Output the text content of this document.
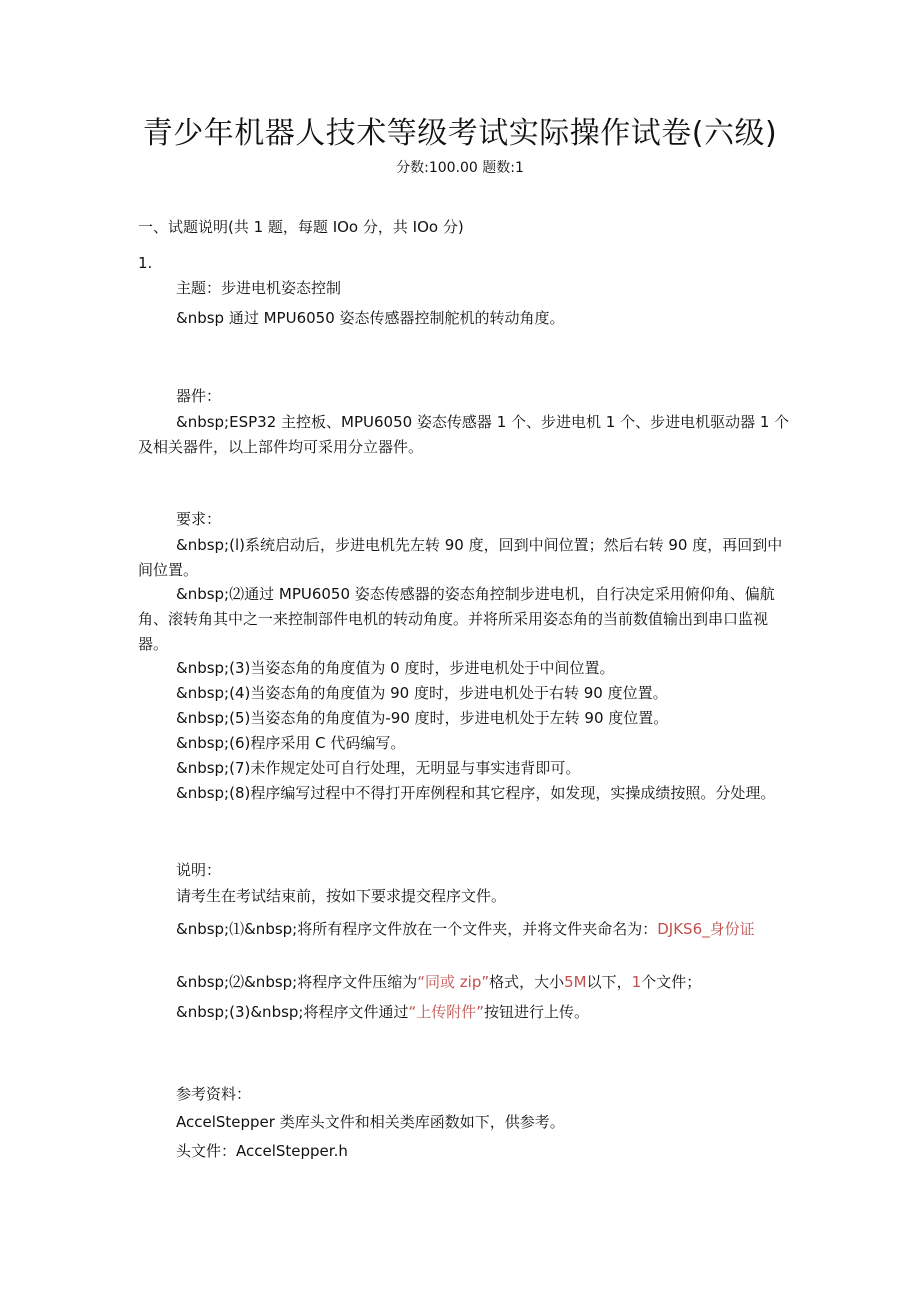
青少年机器人技术等级考试实际操作试卷(六级)

分数:100.00 题数:1

一、试题说明(共 1 题，每题 IOo 分，共 IOo 分)
1.
主题：步进电机姿态控制
&nbsp 通过 MPU6050 姿态传感器控制舵机的转动角度。
器件：
&nbsp;ESP32 主控板、MPU6050 姿态传感器 1 个、步进电机 1 个、步进电机驱动器 1 个及相关器件，以上部件均可采用分立器件。
要求：
&nbsp;(l)系统启动后，步进电机先左转 90 度，回到中间位置；然后右转 90 度，再回到中间位置。
&nbsp;⑵通过 MPU6050 姿态传感器的姿态角控制步进电机，自行决定采用俯仰角、偏航角、滚转角其中之一来控制部件电机的转动角度。并将所采用姿态角的当前数值输出到串口监视器。
&nbsp;(3)当姿态角的角度值为 0 度时，步进电机处于中间位置。
&nbsp;(4)当姿态角的角度值为 90 度时，步进电机处于右转 90 度位置。
&nbsp;(5)当姿态角的角度值为-90 度时，步进电机处于左转 90 度位置。
&nbsp;(6)程序采用 C 代码编写。
&nbsp;(7)未作规定处可自行处理，无明显与事实违背即可。
&nbsp;(8)程序编写过程中不得打开库例程和其它程序，如发现，实操成绩按照。分处理。
说明：
请考生在考试结束前，按如下要求提交程序文件。
&nbsp;⑴&nbsp;将所有程序文件放在一个文件夹，并将文件夹命名为：DJKS6_身份证
&nbsp;⑵&nbsp;将程序文件压缩为“同或 zip”格式，大小5M以下，1个文件；
&nbsp;(3)&nbsp;将程序文件通过“上传附件”按钮进行上传。
参考资料：
AccelStepper 类库头文件和相关类库函数如下，供参考。
头文件：AccelStepper.h
